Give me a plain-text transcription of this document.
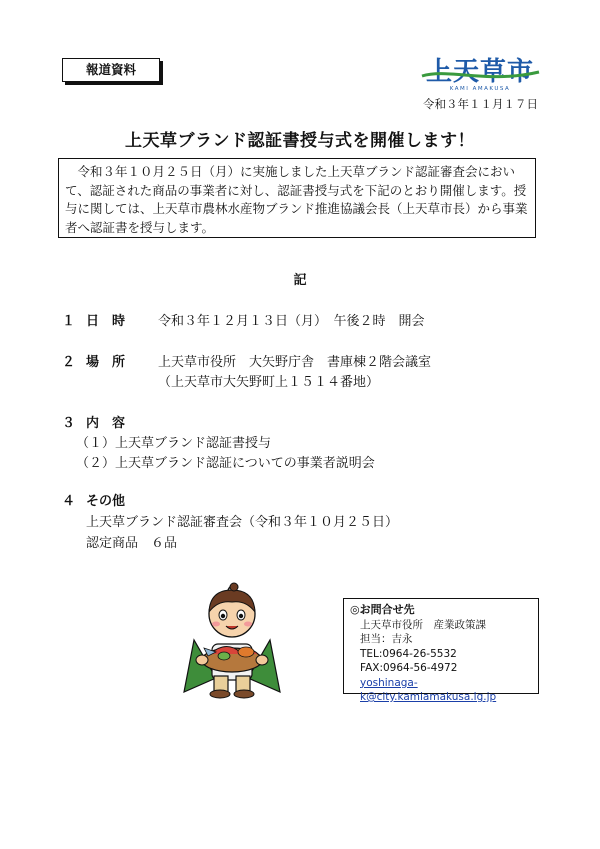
報道資料	上天草市
KAMI AMAKUSA
令和３年１１月１７日
上天草ブランド認証書授与式を開催します！

令和３年１０月２５日（月）に実施しました上天草ブランド認証審査会において、認証された商品の事業者に対し、認証書授与式を下記のとおり開催します。授与に関しては、上天草市農林水産物ブランド推進協議会長（上天草市長）から事業者へ認証書を授与します。

記
１ 日　時	令和３年１２月１３日（月）　午後２時　開会
２ 場　所	上天草市役所　大矢野庁舎　書庫棟２階会議室
（上天草市大矢野町上１５１４番地）
３ 内　容
（１）上天草ブランド認証書授与
（２）上天草ブランド認証についての事業者説明会
４ その他
上天草ブランド認証審査会（令和３年１０月２５日）
認定商品　６品
◎お問合せ先
上天草市役所　産業政策課
担当：吉永
TEL:0964-26-5532
FAX:0964-56-4972
yoshinaga-k@city.kamiamakusa.lg.jp
